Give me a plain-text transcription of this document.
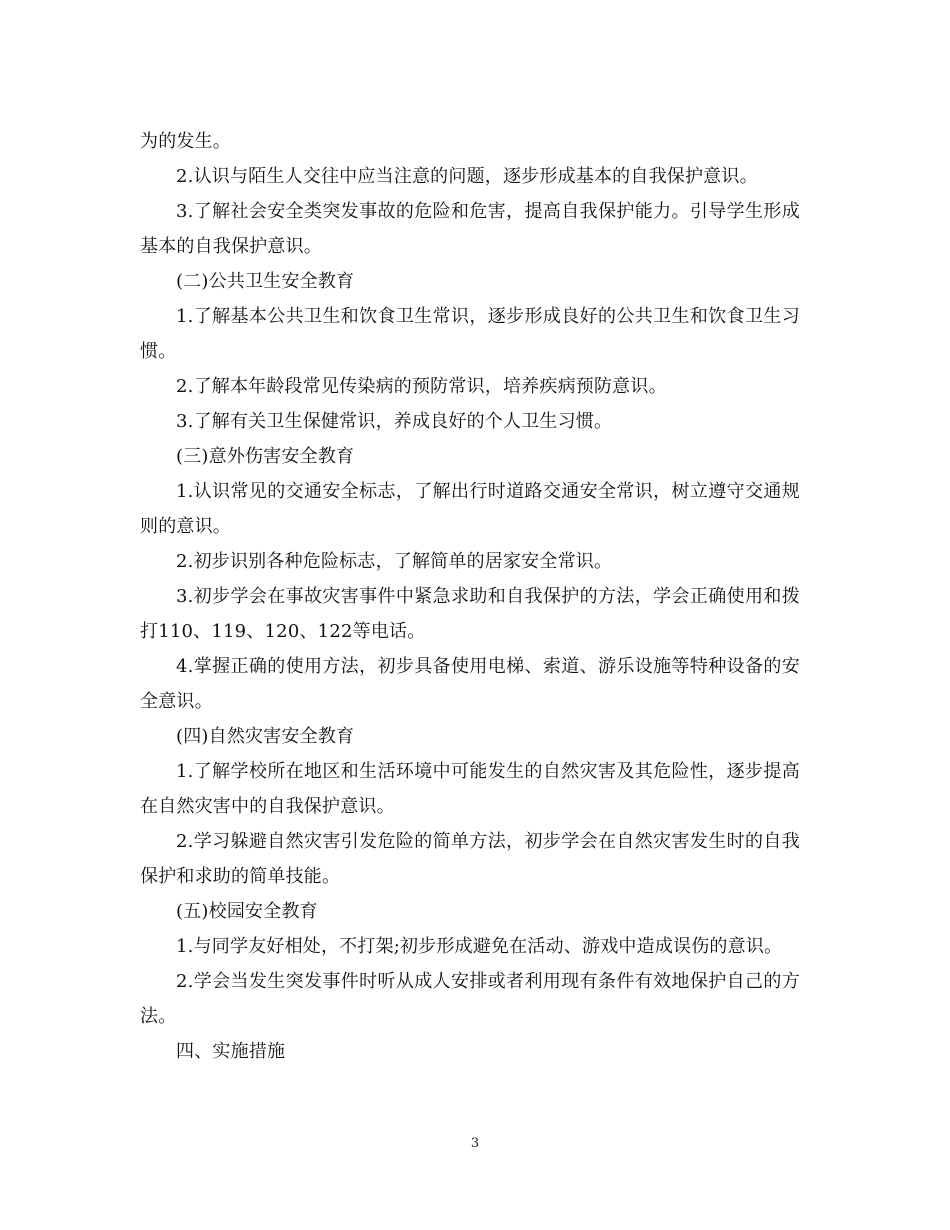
为的发生。

2.认识与陌生人交往中应当注意的问题，逐步形成基本的自我保护意识。

3.了解社会安全类突发事故的危险和危害，提高自我保护能力。引导学生形成基本的自我保护意识。

(二)公共卫生安全教育

1.了解基本公共卫生和饮食卫生常识，逐步形成良好的公共卫生和饮食卫生习惯。

2.了解本年龄段常见传染病的预防常识，培养疾病预防意识。

3.了解有关卫生保健常识，养成良好的个人卫生习惯。

(三)意外伤害安全教育

1.认识常见的交通安全标志，了解出行时道路交通安全常识，树立遵守交通规则的意识。

2.初步识别各种危险标志，了解简单的居家安全常识。

3.初步学会在事故灾害事件中紧急求助和自我保护的方法，学会正确使用和拨打110、119、120、122等电话。

4.掌握正确的使用方法，初步具备使用电梯、索道、游乐设施等特种设备的安全意识。

(四)自然灾害安全教育

1.了解学校所在地区和生活环境中可能发生的自然灾害及其危险性，逐步提高在自然灾害中的自我保护意识。

2.学习躲避自然灾害引发危险的简单方法，初步学会在自然灾害发生时的自我保护和求助的简单技能。

(五)校园安全教育

1.与同学友好相处，不打架;初步形成避免在活动、游戏中造成误伤的意识。

2.学会当发生突发事件时听从成人安排或者利用现有条件有效地保护自己的方法。

四、实施措施

3
